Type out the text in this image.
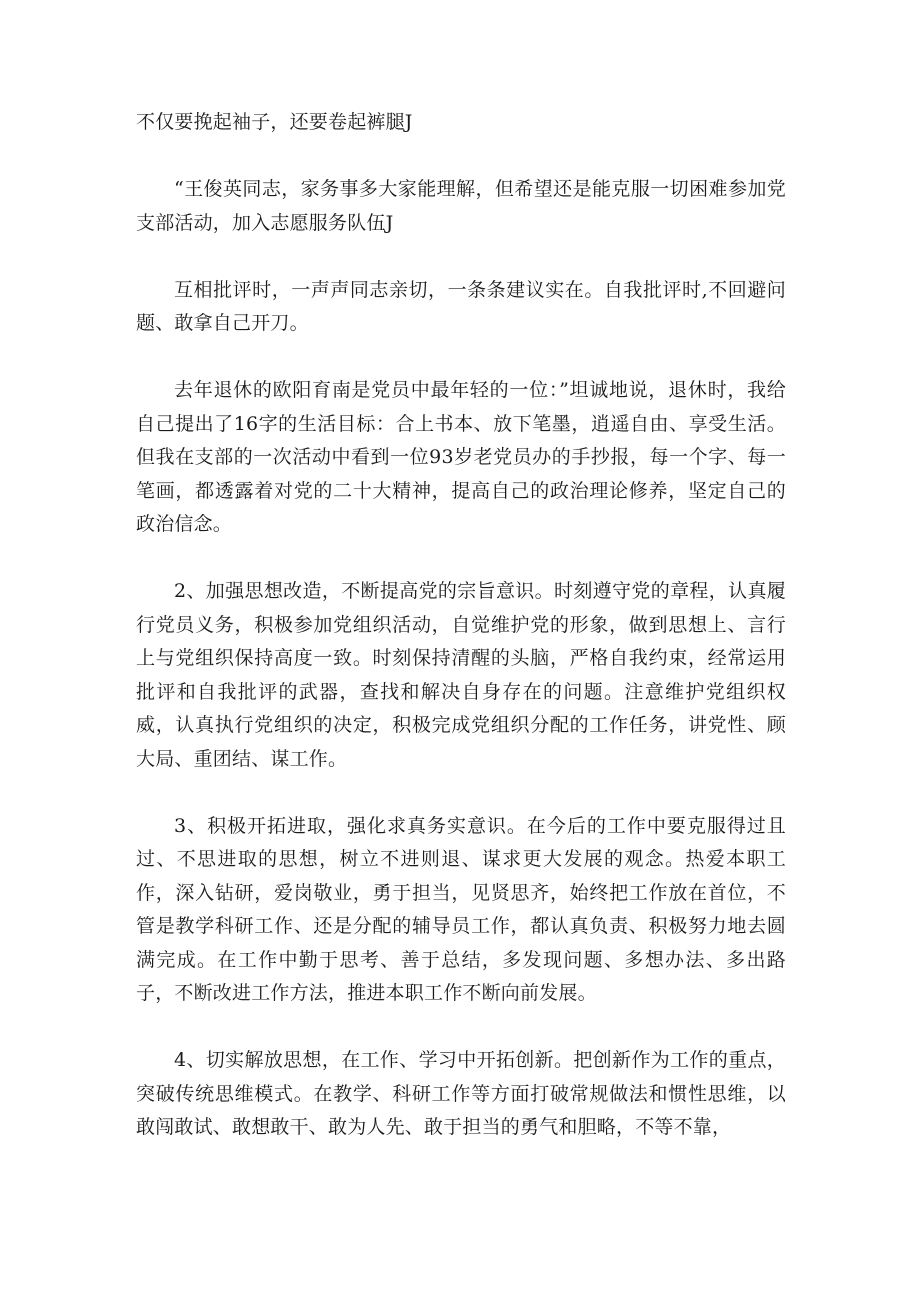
不仅要挽起袖子，还要卷起裤腿J

“王俊英同志，家务事多大家能理解，但希望还是能克服一切困难参加党支部活动，加入志愿服务队伍J

互相批评时，一声声同志亲切，一条条建议实在。自我批评时,不回避问题、敢拿自己开刀。

去年退休的欧阳育南是党员中最年轻的一位：”坦诚地说，退休时，我给自己提出了16字的生活目标：合上书本、放下笔墨，逍遥自由、享受生活。但我在支部的一次活动中看到一位93岁老党员办的手抄报，每一个字、每一笔画，都透露着对党的二十大精神，提高自己的政治理论修养，坚定自己的政治信念。

2、加强思想改造，不断提高党的宗旨意识。时刻遵守党的章程，认真履行党员义务，积极参加党组织活动，自觉维护党的形象，做到思想上、言行上与党组织保持高度一致。时刻保持清醒的头脑，严格自我约束，经常运用批评和自我批评的武器，查找和解决自身存在的问题。注意维护党组织权威，认真执行党组织的决定，积极完成党组织分配的工作任务，讲党性、顾大局、重团结、谋工作。

3、积极开拓进取，强化求真务实意识。在今后的工作中要克服得过且过、不思进取的思想，树立不进则退、谋求更大发展的观念。热爱本职工作，深入钻研，爱岗敬业，勇于担当，见贤思齐，始终把工作放在首位，不管是教学科研工作、还是分配的辅导员工作，都认真负责、积极努力地去圆满完成。在工作中勤于思考、善于总结，多发现问题、多想办法、多出路子，不断改进工作方法，推进本职工作不断向前发展。

4、切实解放思想，在工作、学习中开拓创新。把创新作为工作的重点，突破传统思维模式。在教学、科研工作等方面打破常规做法和惯性思维，以敢闯敢试、敢想敢干、敢为人先、敢于担当的勇气和胆略，不等不靠，
